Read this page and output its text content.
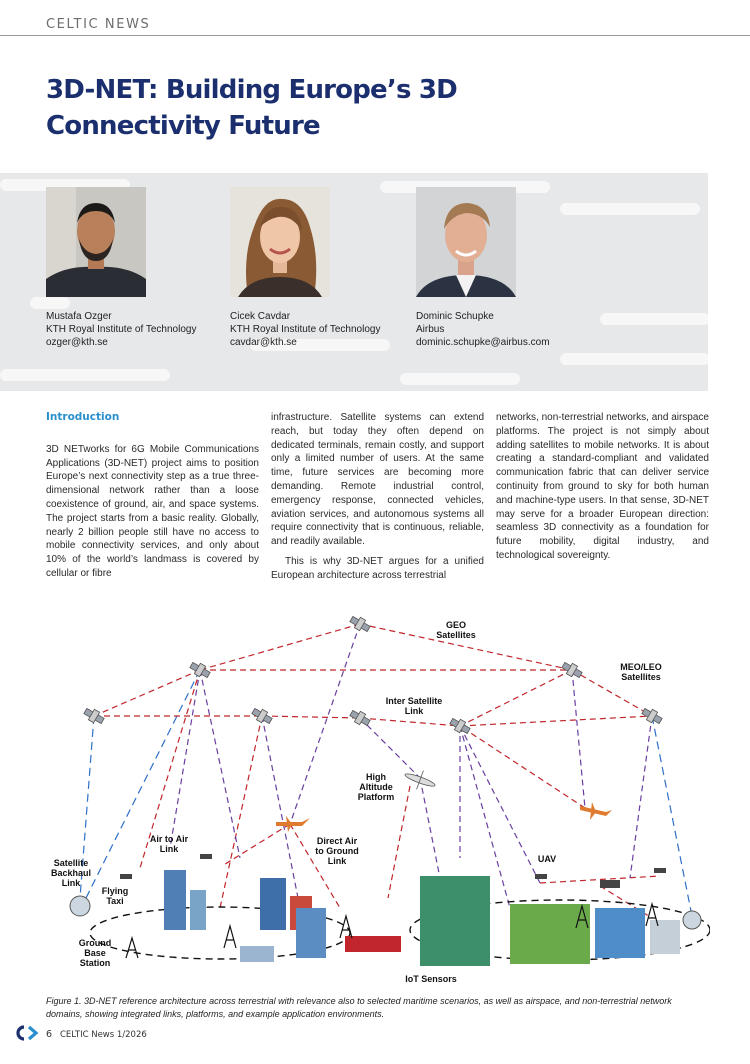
CELTIC NEWS
3D-NET: Building Europe’s 3D
Connectivity Future
Mustafa Ozger
KTH Royal Institute of Technology
ozger@kth.se
Cicek Cavdar
KTH Royal Institute of Technology
cavdar@kth.se
Dominic Schupke
Airbus
dominic.schupke@airbus.com
Introduction

3D NETworks for 6G Mobile Communications Applications (3D-NET) project aims to position Europe’s next connectivity step as a true three-dimensional network rather than a loose coexistence of ground, air, and space systems. The project starts from a basic reality. Globally, nearly 2 billion people still have no access to mobile connectivity services, and only about 10% of the world’s landmass is covered by cellular or fibre

infrastructure. Satellite systems can extend reach, but today they often depend on dedicated terminals, remain costly, and support only a limited number of users. At the same time, future services are becoming more demanding. Remote industrial control, emergency response, connected vehicles, aviation services, and autonomous systems all require connectivity that is continuous, reliable, and readily available.

This is why 3D-NET argues for a unified European architecture across terrestrial

networks, non-terrestrial networks, and airspace platforms. The project is not simply about adding satellites to mobile networks. It is about creating a standard-compliant and validated communication fabric that can deliver service continuity from ground to sky for both human and machine-type users. In that sense, 3D-NET may serve for a broader European direction: seamless 3D connectivity as a foundation for future mobility, digital industry, and technological sovereignty.

GEO
Satellites
MEO/LEO
Satellites
Inter Satellite
Link
High
Altitude
Platform
Air to Air
Link
Direct Air
to Ground
Link
Satellite
Backhaul
Link
Flying
Taxi
UAV
Ground
Base
Station
IoT Sensors
Figure 1. 3D-NET reference architecture across terrestrial with relevance also to selected maritime scenarios, as well as airspace, and non-terrestrial network domains, showing integrated links, platforms, and example application environments.
6 CELTIC News 1/2026
